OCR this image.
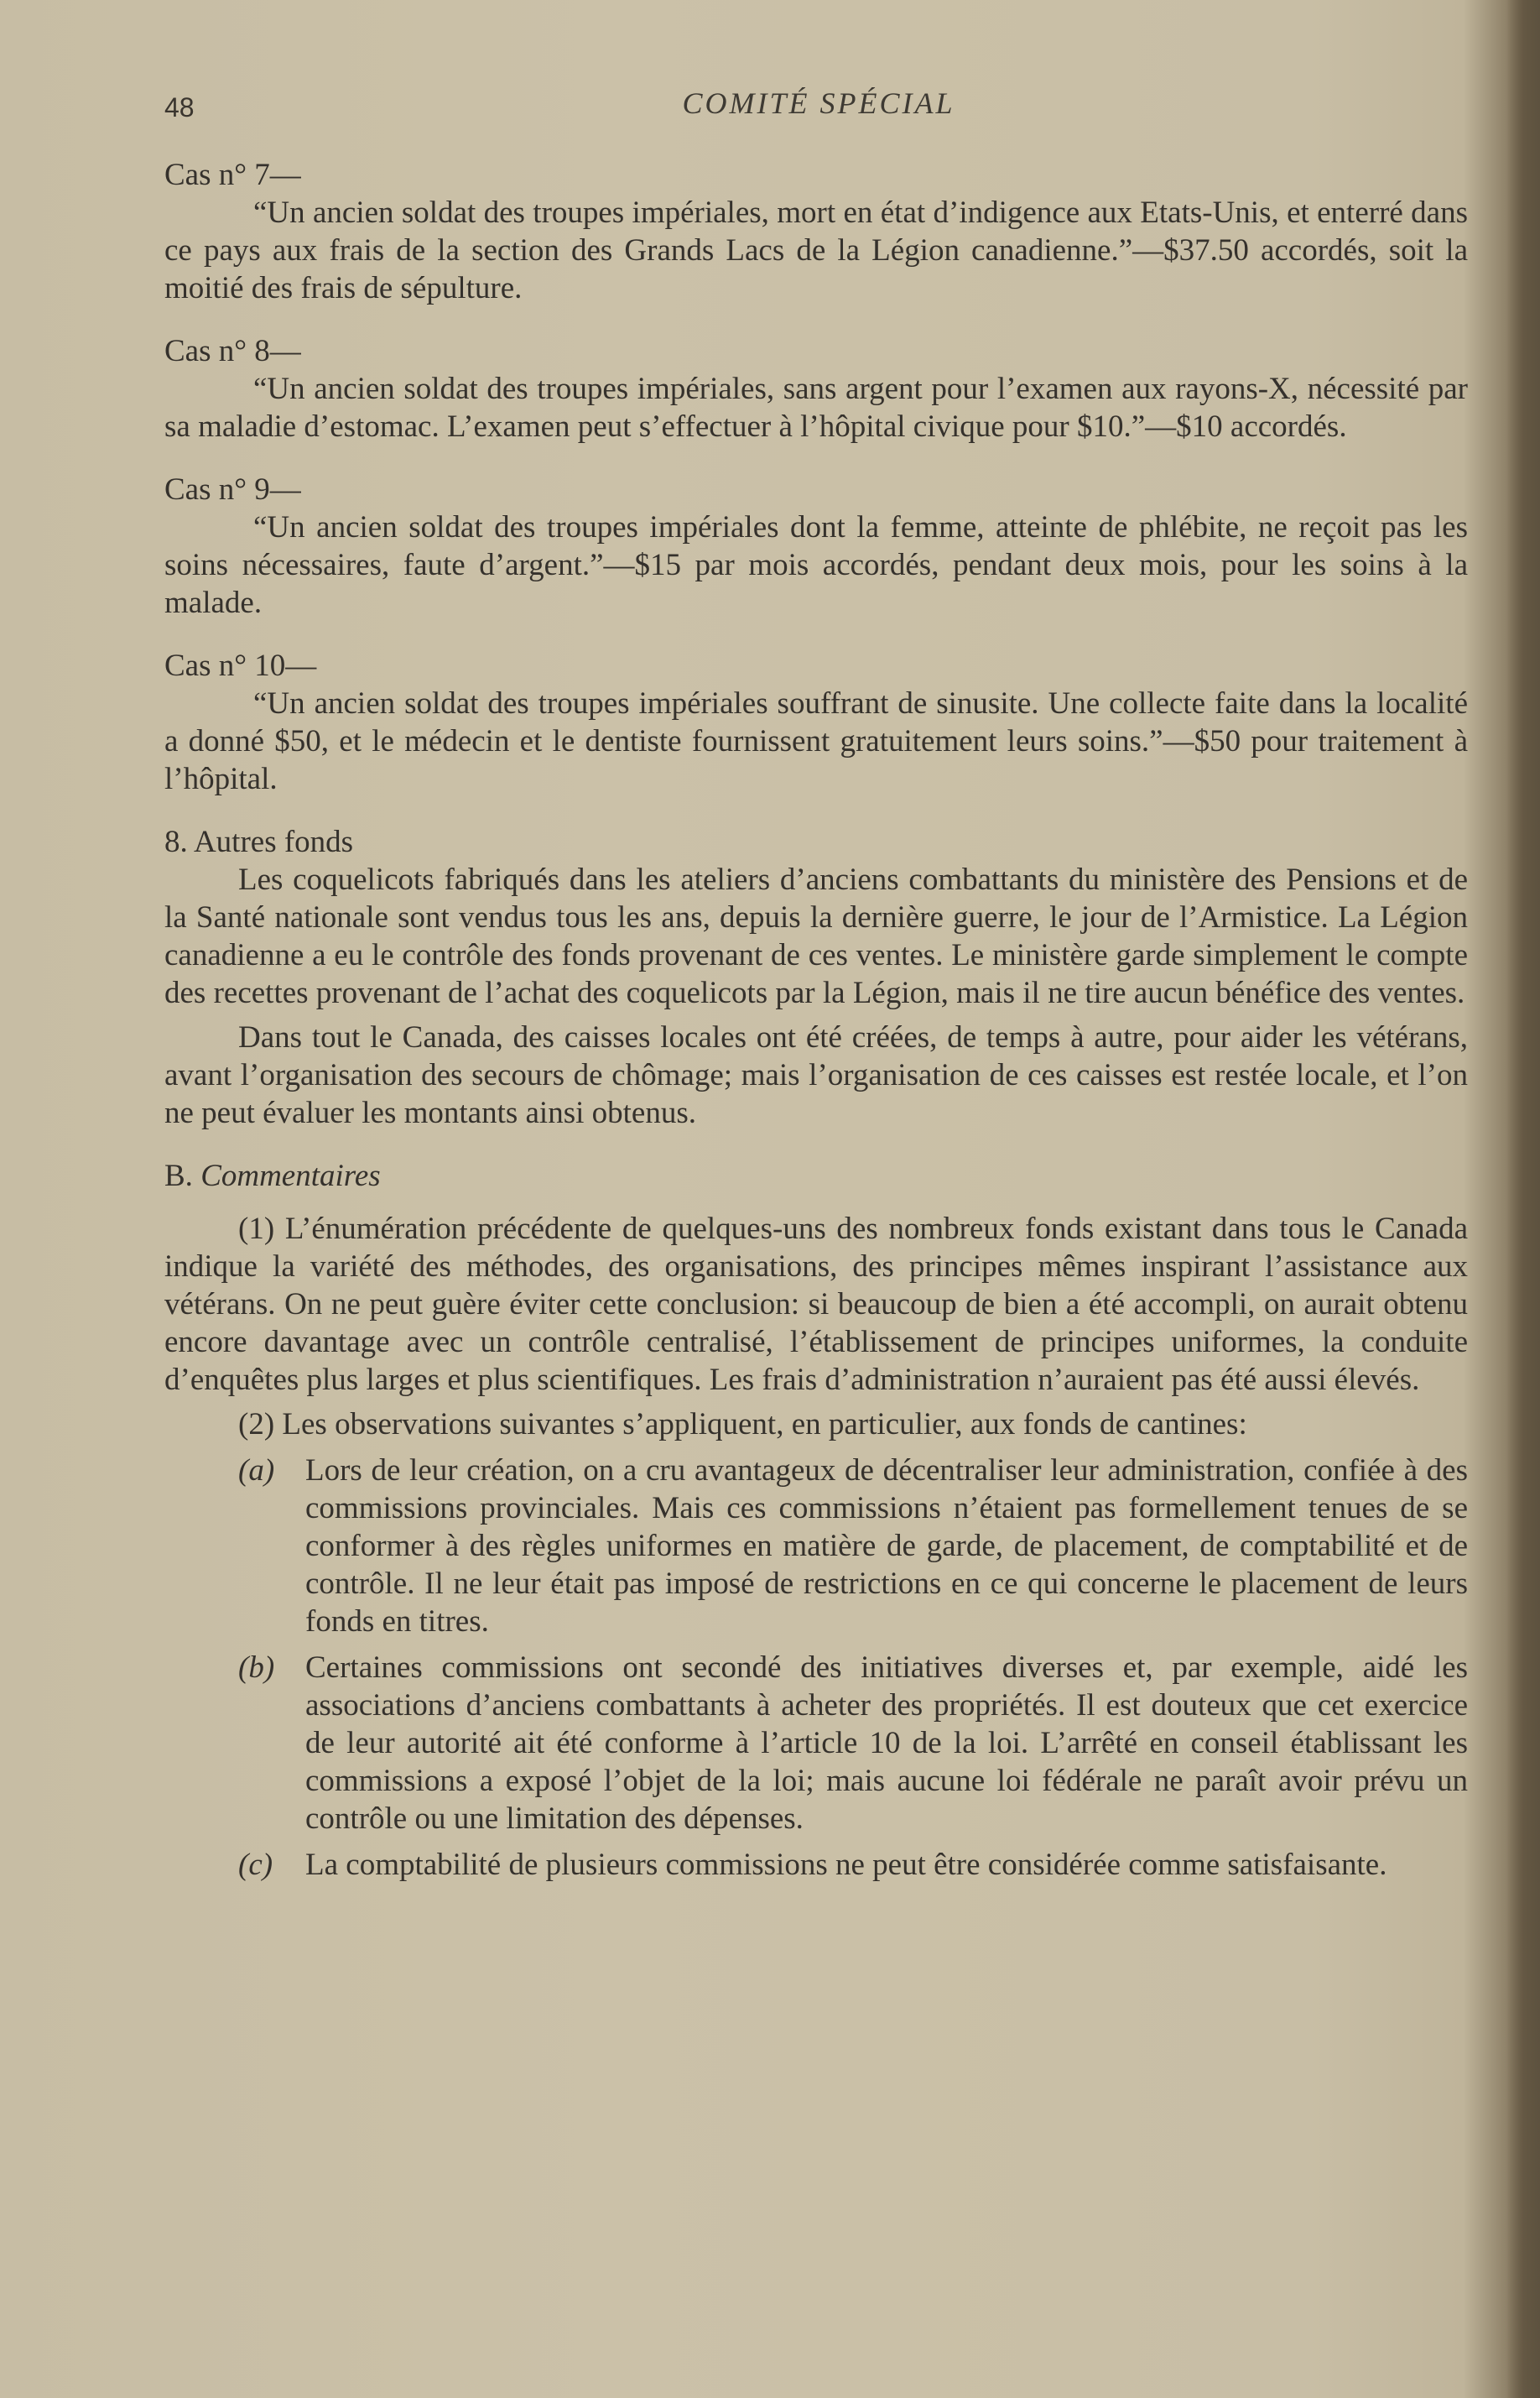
48	COMITÉ SPÉCIAL

Cas n° 7—

“Un ancien soldat des troupes impériales, mort en état d’indigence aux Etats-Unis, et enterré dans ce pays aux frais de la section des Grands Lacs de la Légion canadienne.”—$37.50 accordés, soit la moitié des frais de sépulture.

Cas n° 8—

“Un ancien soldat des troupes impériales, sans argent pour l’examen aux rayons-X, nécessité par sa maladie d’estomac. L’examen peut s’effectuer à l’hôpital civique pour $10.”—$10 accordés.

Cas n° 9—

“Un ancien soldat des troupes impériales dont la femme, atteinte de phlébite, ne reçoit pas les soins nécessaires, faute d’argent.”—$15 par mois accordés, pendant deux mois, pour les soins à la malade.

Cas n° 10—

“Un ancien soldat des troupes impériales souffrant de sinusite. Une collecte faite dans la localité a donné $50, et le médecin et le dentiste fournissent gratuitement leurs soins.”—$50 pour traitement à l’hôpital.

8. Autres fonds

Les coquelicots fabriqués dans les ateliers d’anciens combattants du ministère des Pensions et de la Santé nationale sont vendus tous les ans, depuis la dernière guerre, le jour de l’Armistice. La Légion canadienne a eu le contrôle des fonds provenant de ces ventes. Le ministère garde simplement le compte des recettes provenant de l’achat des coquelicots par la Légion, mais il ne tire aucun bénéfice des ventes.

Dans tout le Canada, des caisses locales ont été créées, de temps à autre, pour aider les vétérans, avant l’organisation des secours de chômage; mais l’organisation de ces caisses est restée locale, et l’on ne peut évaluer les montants ainsi obtenus.

B. Commentaires

(1) L’énumération précédente de quelques-uns des nombreux fonds existant dans tous le Canada indique la variété des méthodes, des organisations, des principes mêmes inspirant l’assistance aux vétérans. On ne peut guère éviter cette conclusion: si beaucoup de bien a été accompli, on aurait obtenu encore davantage avec un contrôle centralisé, l’établissement de principes uniformes, la conduite d’enquêtes plus larges et plus scientifiques. Les frais d’administration n’auraient pas été aussi élevés.

(2) Les observations suivantes s’appliquent, en particulier, aux fonds de cantines:

(a) Lors de leur création, on a cru avantageux de décentraliser leur administration, confiée à des commissions provinciales. Mais ces commissions n’étaient pas formellement tenues de se conformer à des règles uniformes en matière de garde, de placement, de comptabilité et de contrôle. Il ne leur était pas imposé de restrictions en ce qui concerne le placement de leurs fonds en titres.
(b) Certaines commissions ont secondé des initiatives diverses et, par exemple, aidé les associations d’anciens combattants à acheter des propriétés. Il est douteux que cet exercice de leur autorité ait été conforme à l’article 10 de la loi. L’arrêté en conseil établissant les commissions a exposé l’objet de la loi; mais aucune loi fédérale ne paraît avoir prévu un contrôle ou une limitation des dépenses.
(c) La comptabilité de plusieurs commissions ne peut être considérée comme satisfaisante.
